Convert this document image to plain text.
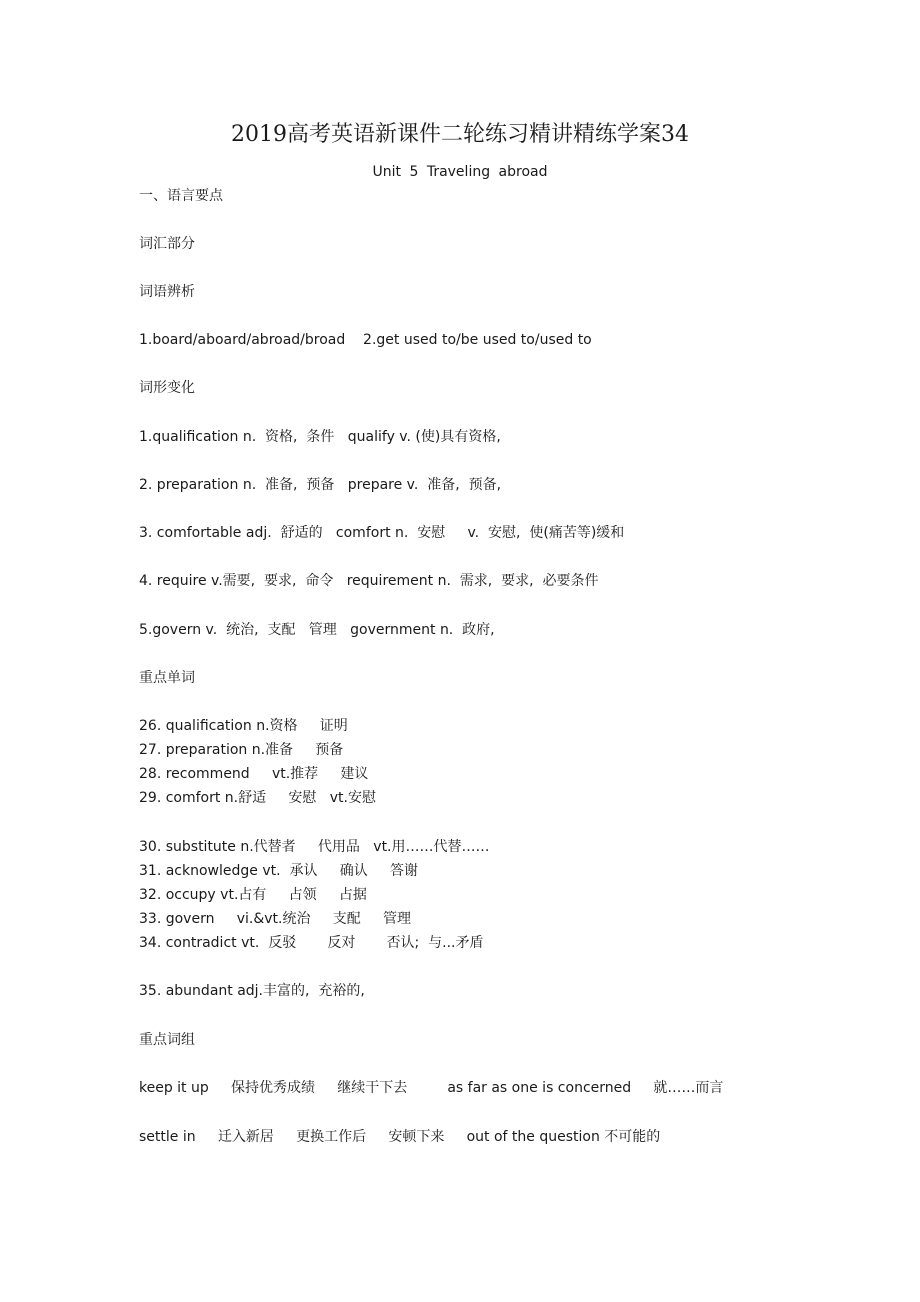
2019高考英语新课件二轮练习精讲精练学案34
Unit 5 Traveling abroad
一、语言要点
词汇部分
词语辨析
1.board/aboard/abroad/broad    2.get used to/be used to/used to
词形变化
1.qualification n.  资格,  条件   qualify v. (使)具有资格,
2. preparation n.  准备,  预备   prepare v.  准备,  预备,
3. comfortable adj.  舒适的   comfort n.  安慰     v.  安慰,  使(痛苦等)缓和
4. require v.需要,  要求,  命令   requirement n.  需求,  要求,  必要条件
5.govern v.  统治,  支配   管理   government n.  政府,
重点单词
26. qualification n.资格     证明
27. preparation n.准备     预备
28. recommend     vt.推荐     建议
29. comfort n.舒适     安慰   vt.安慰
30. substitute n.代替者     代用品   vt.用……代替……
31. acknowledge vt.  承认     确认     答谢
32. occupy vt.占有     占领     占据
33. govern     vi.&vt.统治     支配     管理
34. contradict vt.  反驳       反对       否认;  与...矛盾
35. abundant adj.丰富的,  充裕的,
重点词组
keep it up     保持优秀成绩     继续干下去         as far as one is concerned     就……而言
settle in     迁入新居     更换工作后     安顿下来     out of the question 不可能的
